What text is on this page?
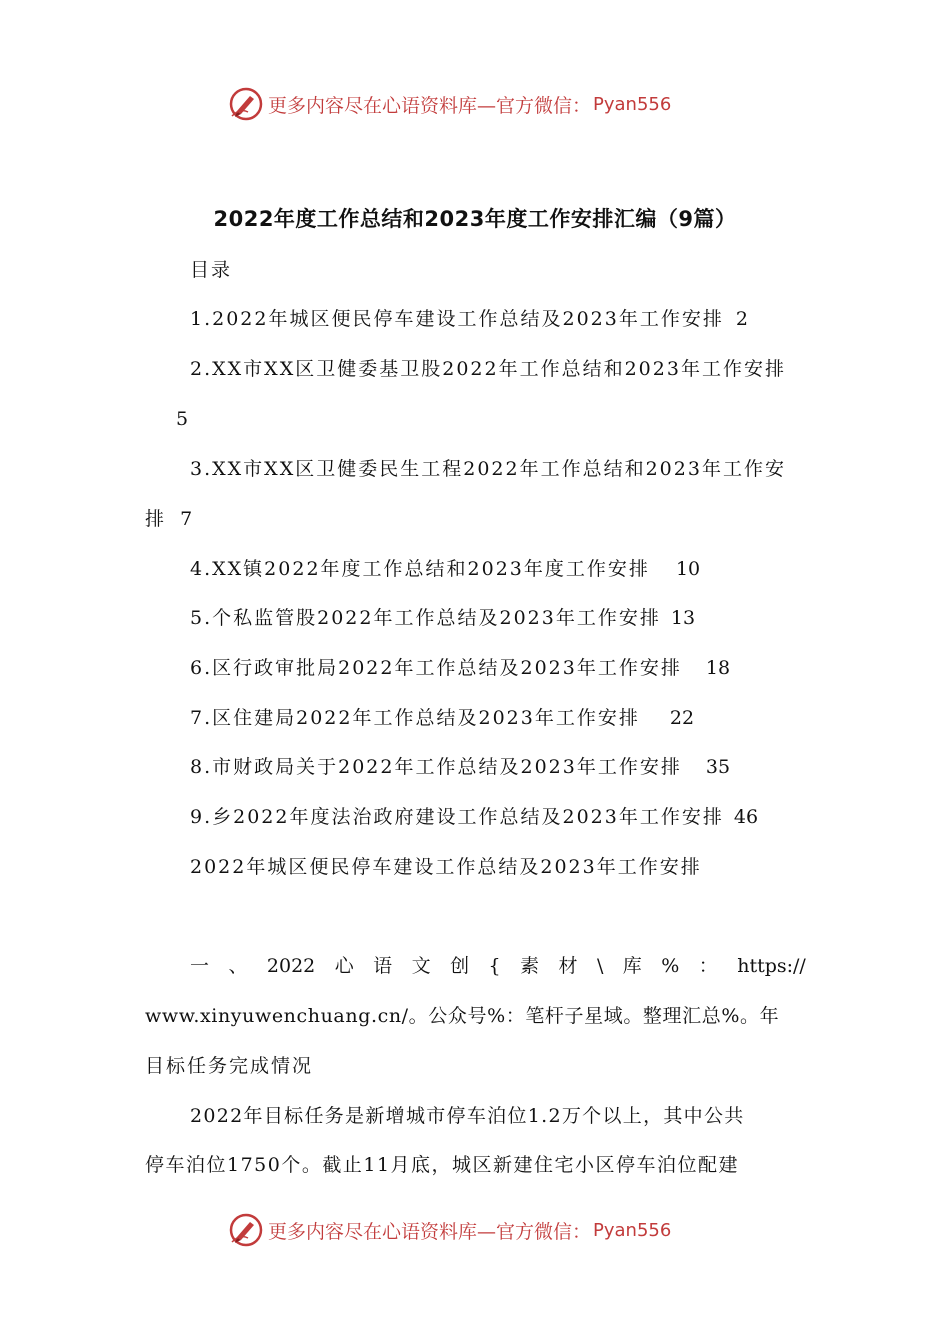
更多内容尽在心语资料库—官方微信： Pyan556
2022年度工作总结和2023年度工作安排汇编（9篇）
目录
1.2022年城区便民停车建设工作总结及2023年工作安排 2
2.XX市XX区卫健委基卫股2022年工作总结和2023年工作安排
5
3.XX市XX区卫健委民生工程2022年工作总结和2023年工作安
排 7
4.XX镇2022年度工作总结和2023年度工作安排 10
5.个私监管股2022年工作总结及2023年工作安排 13
6.区行政审批局2022年工作总结及2023年工作安排 18
7.区住建局2022年工作总结及2023年工作安排 22
8.市财政局关于2022年工作总结及2023年工作安排 35
9.乡2022年度法治政府建设工作总结及2023年工作安排 46
2022年城区便民停车建设工作总结及2023年工作安排
一 、 2022 心 语 文 创 { 素 材 \ 库 % ： https://
www.xinyuwenchuang.cn/。公众号%：笔杆子星域。整理汇总%。年
目标任务完成情况
2022年目标任务是新增城市停车泊位1.2万个以上，其中公共
停车泊位1750个。截止11月底，城区新建住宅小区停车泊位配建
更多内容尽在心语资料库—官方微信： Pyan556
